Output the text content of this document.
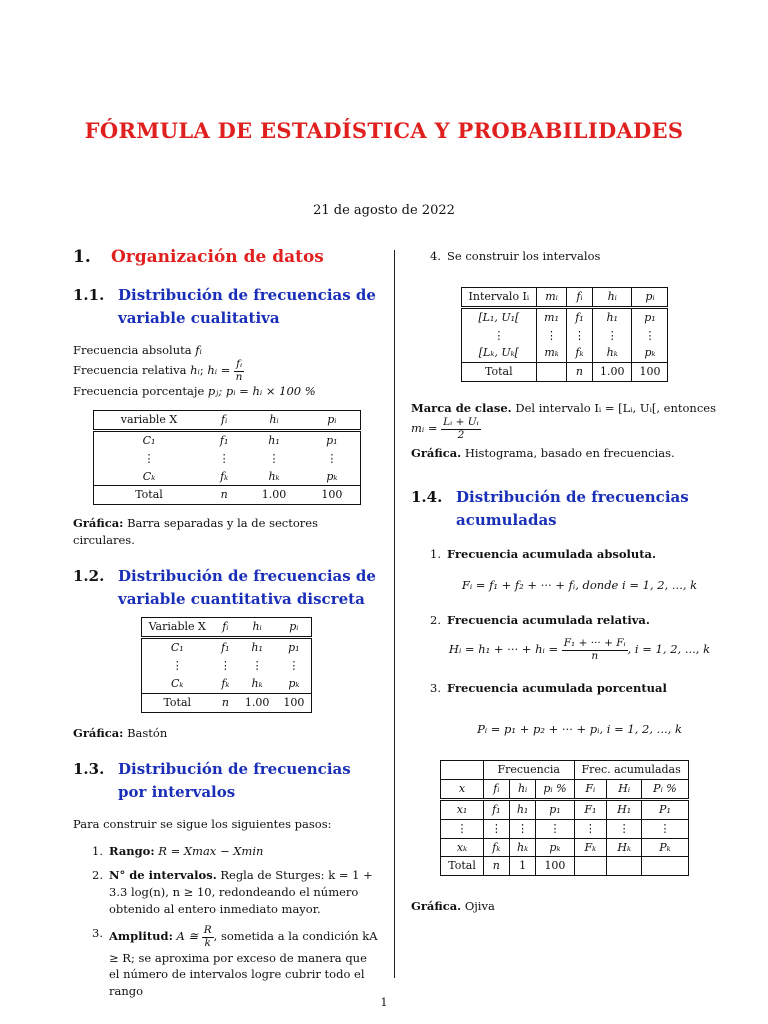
FÓRMULA DE ESTADÍSTICA Y PROBABILIDADES
21 de agosto de 2022
1.	Organización de datos
1.1. Distribución de frecuencias de variable cualitativa

Frecuencia absoluta fᵢ

Frecuencia relativa hᵢ; hᵢ = $\frac{\text{fᵢ}}{n}$

Frecuencia porcentaje pⱼ; pᵢ = hᵢ × 100 %

variable X	fᵢ	hᵢ	pᵢ
C₁	f₁	h₁	p₁
⋮	⋮	⋮	⋮
Cₖ	fₖ	hₖ	pₖ
Total	n	1.00	100

Gráfica: Barra separadas y la de sectores circulares.

1.2. Distribución de frecuencias de variable cuantitativa discreta
Variable X	fᵢ	hᵢ	pᵢ
C₁	f₁	h₁	p₁
⋮	⋮	⋮	⋮
Cₖ	fₖ	hₖ	pₖ
Total	n	1.00	100

Gráfica: Bastón

1.3. Distribución de frecuencias por intervalos

Para construir se sigue los siguientes pasos:

1. Rango: R = Xmax − Xmin
2. N° de intervalos. Regla de Sturges: k = 1 + 3.3 log(n), n ≥ 10, redondeando el número obtenido al entero inmediato mayor.
3. Amplitud: A ≅ $\frac{R}{k}$ , sometida a la condición kA ≥ R; se aproxima por exceso de manera que el número de intervalos logre cubrir todo el rango
4. Se construir los intervalos
Intervalo Iᵢ	mᵢ	fᵢ	hᵢ	pᵢ
[L₁, U₁[	m₁	f₁	h₁	p₁
⋮	⋮	⋮	⋮	⋮
[Lₖ, Uₖ[	mₖ	fₖ	hₖ	pₖ
Total		n	1.00	100

Marca de clase. Del intervalo Iᵢ = [Lᵢ, Uᵢ[, entonces mᵢ = $\frac{\text{Lᵢ + Uᵢ}}{2}$

Gráfica. Histograma, basado en frecuencias.

1.4. Distribución de frecuencias acumuladas
1. Frecuencia acumulada absoluta.

Fᵢ = f₁ + f₂ + ··· + fᵢ, donde i = 1, 2, ..., k

2. Frecuencia acumulada relativa.

Hᵢ = h₁ + ··· + hᵢ = $\frac{\text{F₁ + ··· + Fᵢ}}{n}$ , i = 1, 2, ..., k

3. Frecuencia acumulada porcentual

Pᵢ = p₁ + p₂ + ··· + pᵢ, i = 1, 2, ..., k

	Frecuencia			Frec. acumuladas		
x	fᵢ	hᵢ	pᵢ %	Fᵢ	Hᵢ	Pᵢ %
x₁	f₁	h₁	p₁	F₁	H₁	P₁
⋮	⋮	⋮	⋮	⋮	⋮	⋮
xₖ	fₖ	hₖ	pₖ	Fₖ	Hₖ	Pₖ
Total	n	1	100			

Gráfica. Ojiva

1
